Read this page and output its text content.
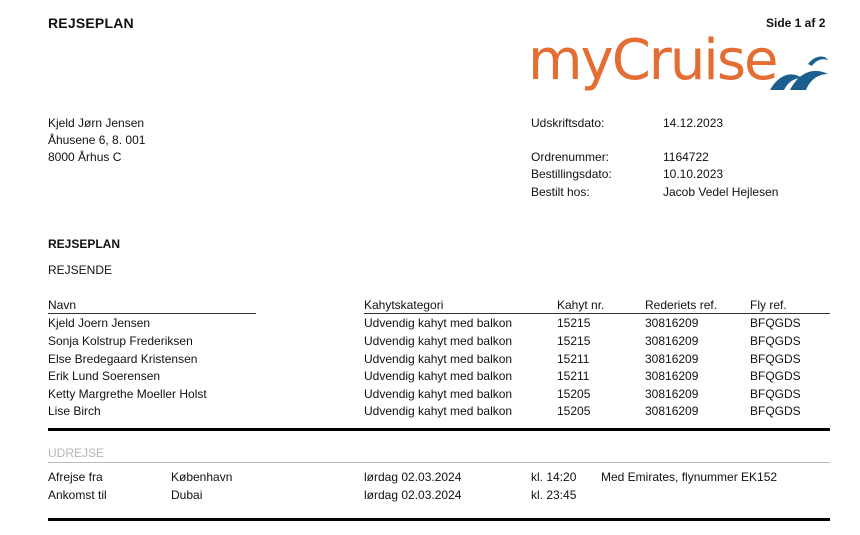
REJSEPLAN	Side 1 af 2
myCruise
Kjeld Jørn Jensen
Åhusene 6, 8. 001
8000 Århus C
Udskriftsdato:	14.12.2023
Ordrenummer:	1164722
Bestillingsdato:	10.10.2023
Bestilt hos:	Jacob Vedel Hejlesen
REJSEPLAN
REJSENDE
Navn	Kahytskategori	Kahyt nr.	Rederiets ref.	Fly ref.
Kjeld Joern Jensen	Udvendig kahyt med balkon	15215	30816209	BFQGDS
Sonja Kolstrup Frederiksen	Udvendig kahyt med balkon	15215	30816209	BFQGDS
Else Bredegaard Kristensen	Udvendig kahyt med balkon	15211	30816209	BFQGDS
Erik Lund Soerensen	Udvendig kahyt med balkon	15211	30816209	BFQGDS
Ketty Margrethe Moeller Holst	Udvendig kahyt med balkon	15205	30816209	BFQGDS
Lise Birch	Udvendig kahyt med balkon	15205	30816209	BFQGDS
UDREJSE
Afrejse fra	København	lørdag 02.03.2024	kl. 14:20 Med Emirates, flynummer EK152
Ankomst til	Dubai	lørdag 02.03.2024	kl. 23:45
